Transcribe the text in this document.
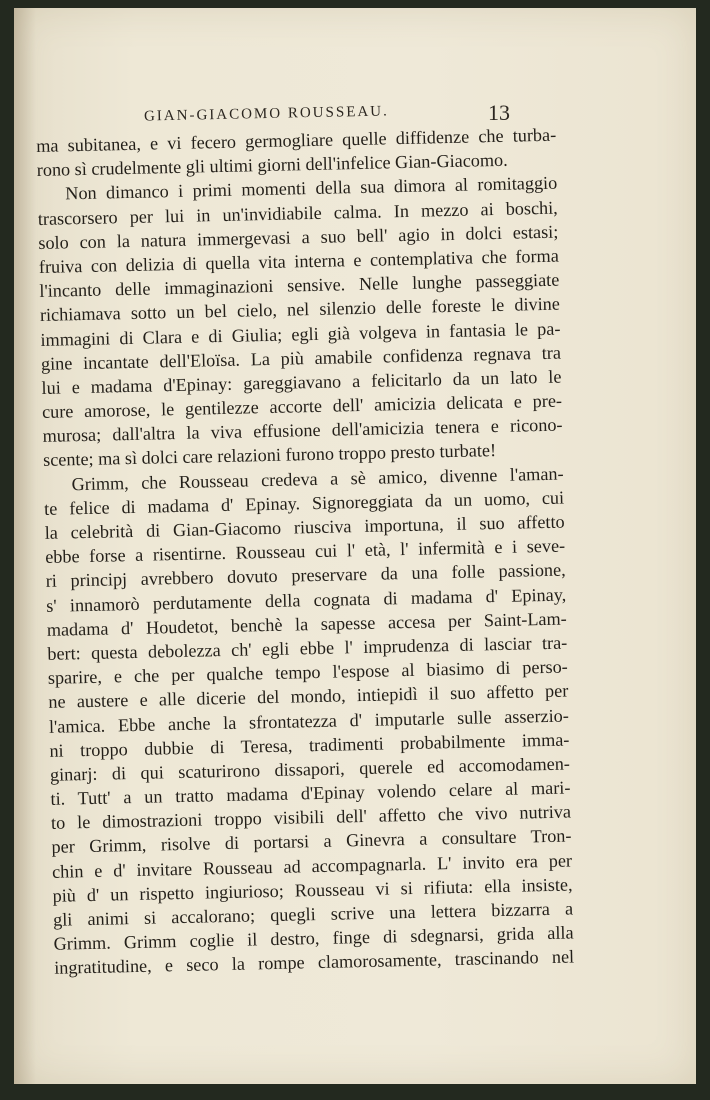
GIAN-GIACOMO ROUSSEAU.	13
ma subitanea, e vi fecero germogliare quelle diffidenze che turba-
rono sì crudelmente gli ultimi giorni dell'infelice Gian-Giacomo.
Non dimanco i primi momenti della sua dimora al romitaggio
trascorsero per lui in un'invidiabile calma. In mezzo ai boschi,
solo con la natura immergevasi a suo bell' agio in dolci estasi;
fruiva con delizia di quella vita interna e contemplativa che forma
l'incanto delle immaginazioni sensive. Nelle lunghe passeggiate
richiamava sotto un bel cielo, nel silenzio delle foreste le divine
immagini di Clara e di Giulia; egli già volgeva in fantasia le pa-
gine incantate dell'Eloïsa. La più amabile confidenza regnava tra
lui e madama d'Epinay: gareggiavano a felicitarlo da un lato le
cure amorose, le gentilezze accorte dell' amicizia delicata e pre-
murosa; dall'altra la viva effusione dell'amicizia tenera e ricono-
scente; ma sì dolci care relazioni furono troppo presto turbate!
Grimm, che Rousseau credeva a sè amico, divenne l'aman-
te felice di madama d' Epinay. Signoreggiata da un uomo, cui
la celebrità di Gian-Giacomo riusciva importuna, il suo affetto
ebbe forse a risentirne. Rousseau cui l' età, l' infermità e i seve-
ri principj avrebbero dovuto preservare da una folle passione,
s' innamorò perdutamente della cognata di madama d' Epinay,
madama d' Houdetot, benchè la sapesse accesa per Saint-Lam-
bert: questa debolezza ch' egli ebbe l' imprudenza di lasciar tra-
sparire, e che per qualche tempo l'espose al biasimo di perso-
ne austere e alle dicerie del mondo, intiepidì il suo affetto per
l'amica. Ebbe anche la sfrontatezza d' imputarle sulle asserzio-
ni troppo dubbie di Teresa, tradimenti probabilmente imma-
ginarj: di qui scaturirono dissapori, querele ed accomodamen-
ti. Tutt' a un tratto madama d'Epinay volendo celare al mari-
to le dimostrazioni troppo visibili dell' affetto che vivo nutriva
per Grimm, risolve di portarsi a Ginevra a consultare Tron-
chin e d' invitare Rousseau ad accompagnarla. L' invito era per
più d' un rispetto ingiurioso; Rousseau vi si rifiuta: ella insiste,
gli animi si accalorano; quegli scrive una lettera bizzarra a
Grimm. Grimm coglie il destro, finge di sdegnarsi, grida alla
ingratitudine, e seco la rompe clamorosamente, trascinando nel
